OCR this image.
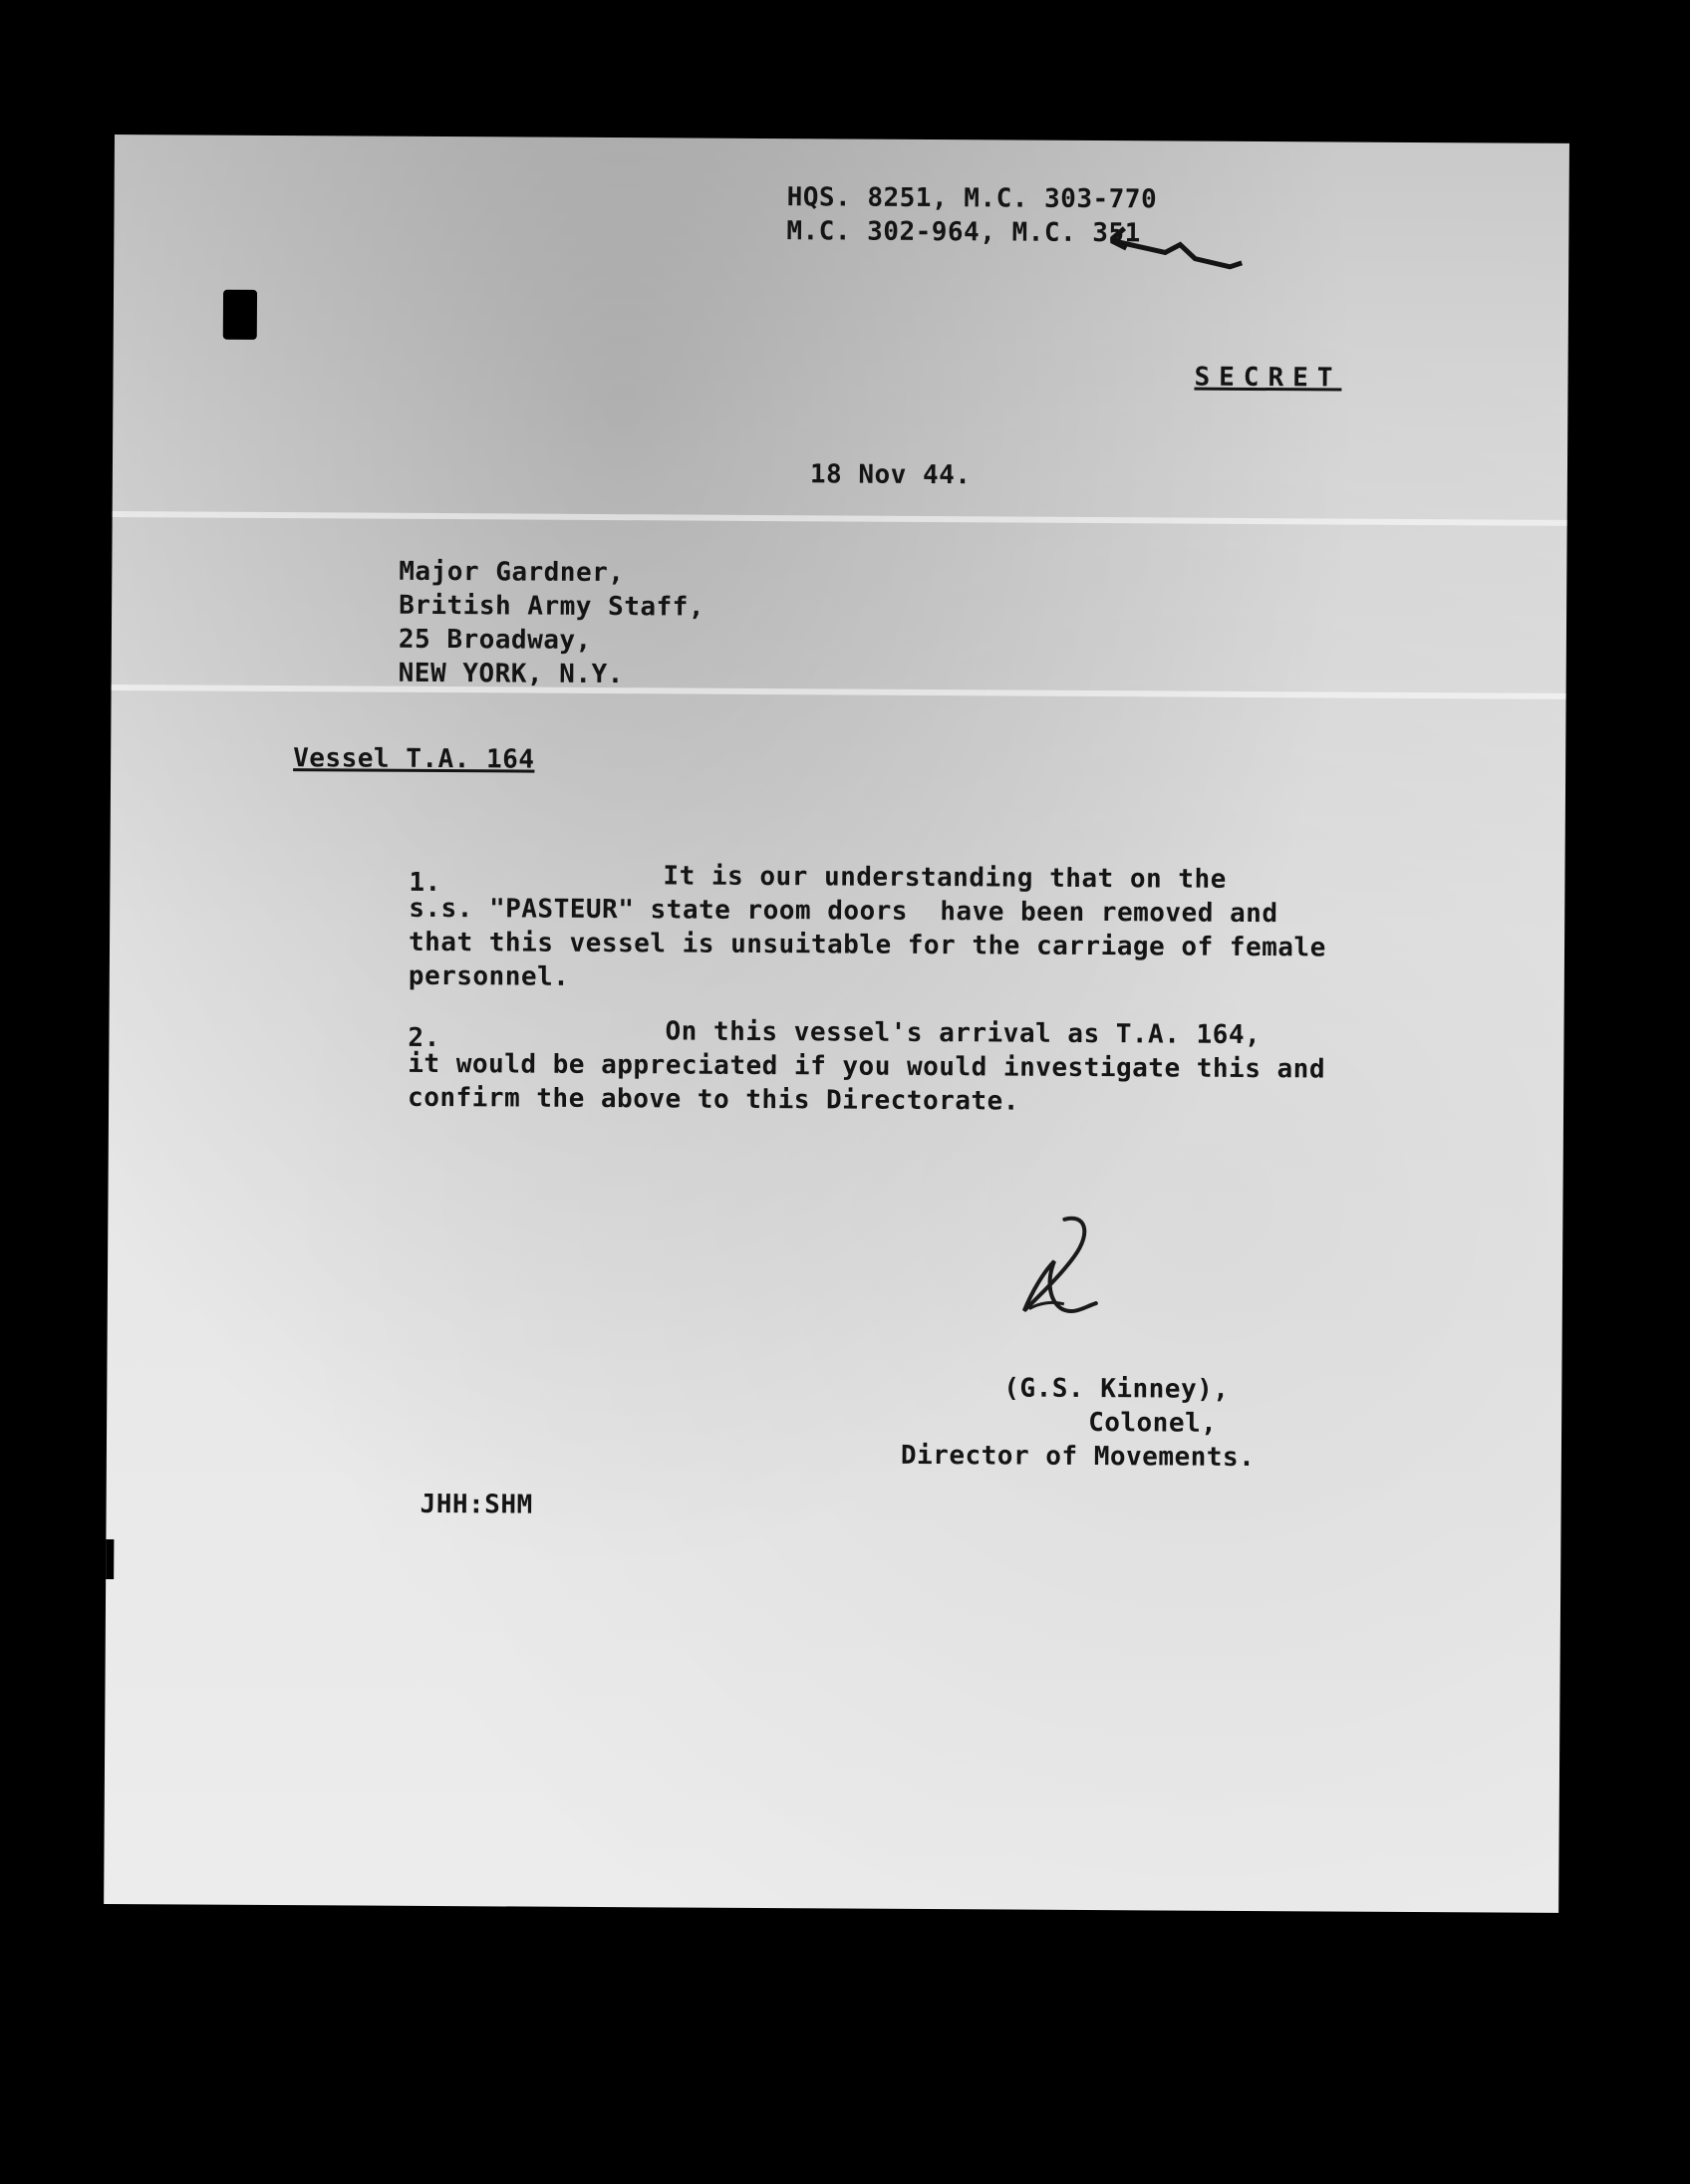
HQS. 8251, M.C. 303-770
M.C. 302-964, M.C. 351
SECRET
18 Nov 44.
Major Gardner,
British Army Staff,
25 Broadway,
NEW YORK, N.Y.
Vessel T.A. 164
1.	It is our understanding that on the
s.s. "PASTEUR" state room doors  have been removed and
that this vessel is unsuitable for the carriage of female
personnel.
2.	On this vessel's arrival as T.A. 164,
it would be appreciated if you would investigate this and
confirm the above to this Directorate.
(G.S. Kinney),
Colonel,
Director of Movements.
JHH:SHM
